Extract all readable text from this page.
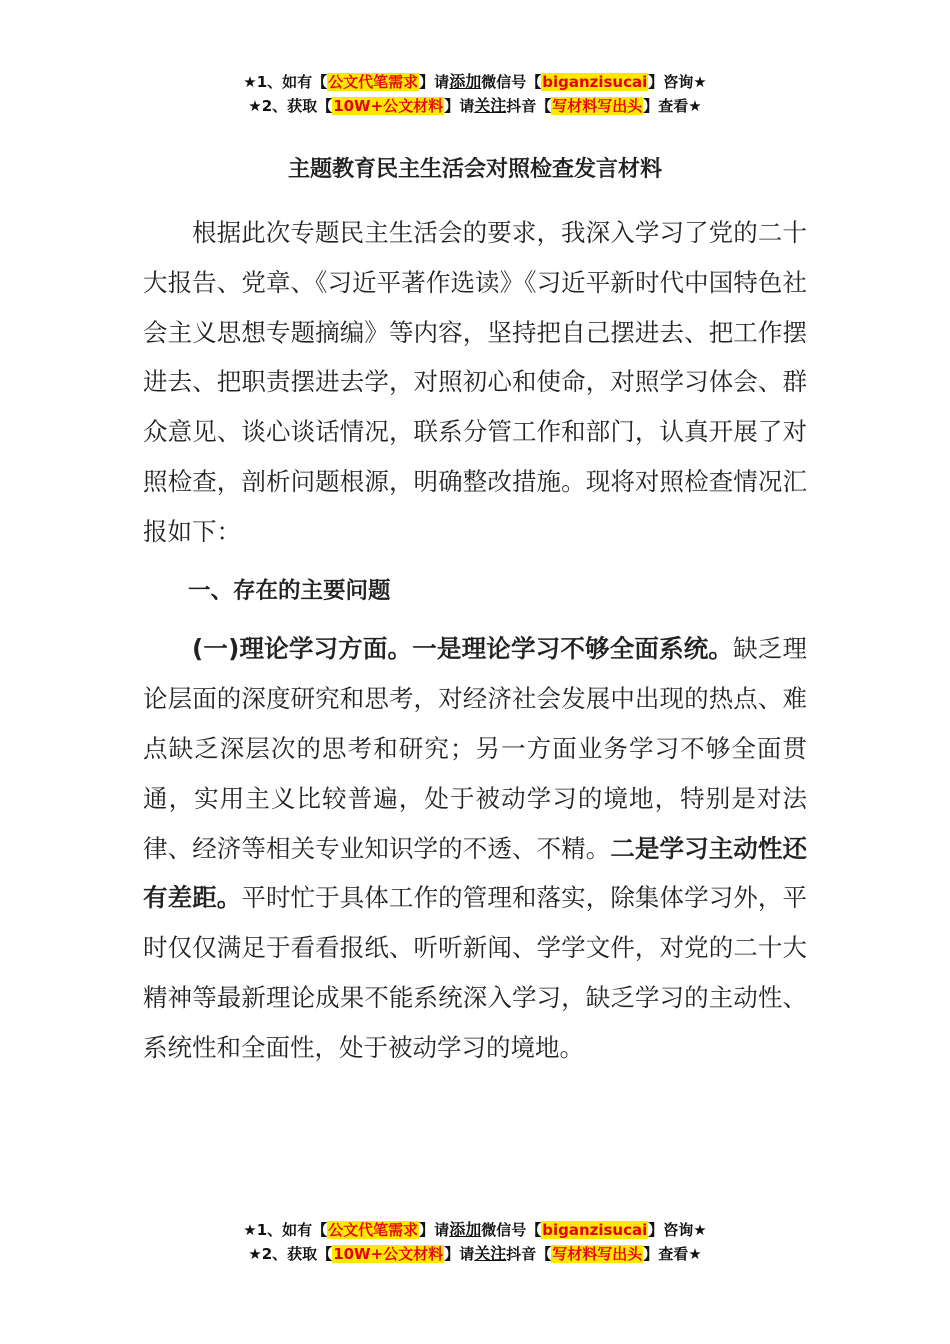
★1、如有【公文代笔需求】请添加微信号【biganzisucai】咨询★
★2、获取【10W+公文材料】请关注抖音【写材料写出头】查看★
主题教育民主生活会对照检查发言材料

根据此次专题民主生活会的要求，我深入学习了党的二十大报告、党章、《习近平著作选读》《习近平新时代中国特色社会主义思想专题摘编》等内容，坚持把自己摆进去、把工作摆进去、把职责摆进去学，对照初心和使命，对照学习体会、群众意见、谈心谈话情况，联系分管工作和部门，认真开展了对照检查，剖析问题根源，明确整改措施。现将对照检查情况汇报如下：

一、存在的主要问题

(一)理论学习方面。一是理论学习不够全面系统。缺乏理论层面的深度研究和思考，对经济社会发展中出现的热点、难点缺乏深层次的思考和研究；另一方面业务学习不够全面贯通，实用主义比较普遍，处于被动学习的境地，特别是对法律、经济等相关专业知识学的不透、不精。二是学习主动性还有差距。平时忙于具体工作的管理和落实，除集体学习外，平时仅仅满足于看看报纸、听听新闻、学学文件，对党的二十大精神等最新理论成果不能系统深入学习，缺乏学习的主动性、系统性和全面性，处于被动学习的境地。

★1、如有【公文代笔需求】请添加微信号【biganzisucai】咨询★
★2、获取【10W+公文材料】请关注抖音【写材料写出头】查看★
